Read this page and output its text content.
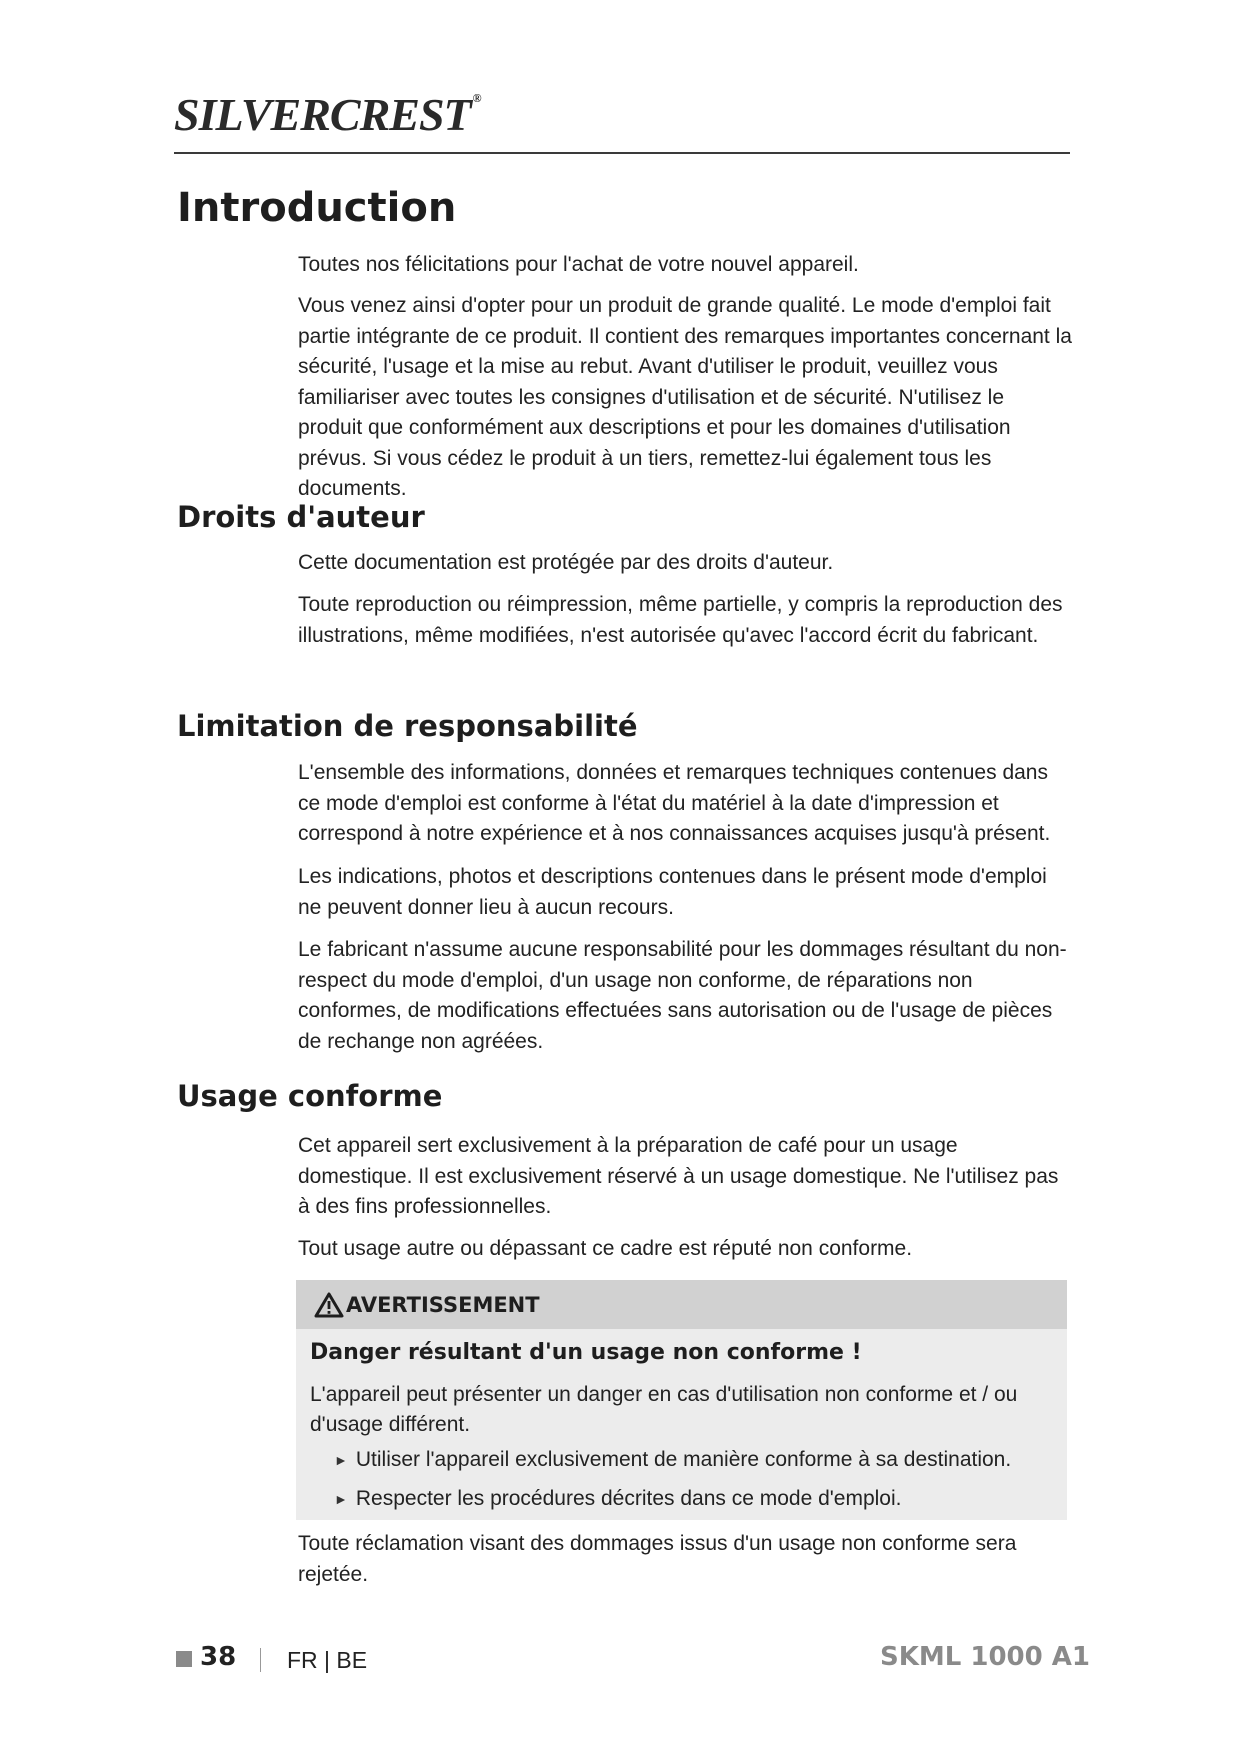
SILVERCREST ®
Introduction

Toutes nos félicitations pour l'achat de votre nouvel appareil.

Vous venez ainsi d'opter pour un produit de grande qualité. Le mode d'emploi fait partie intégrante de ce produit. Il contient des remarques importantes concernant la sécurité, l'usage et la mise au rebut. Avant d'utiliser le produit, veuillez vous familiariser avec toutes les consignes d'utilisation et de sécurité. N'utilisez le produit que conformément aux descriptions et pour les domaines d'utilisation prévus. Si vous cédez le produit à un tiers, remettez-lui également tous les documents.

Droits d'auteur

Cette documentation est protégée par des droits d'auteur.

Toute reproduction ou réimpression, même partielle, y compris la reproduction des illustrations, même modifiées, n'est autorisée qu'avec l'accord écrit du fabricant.

Limitation de responsabilité

L'ensemble des informations, données et remarques techniques contenues dans ce mode d'emploi est conforme à l'état du matériel à la date d'impression et correspond à notre expérience et à nos connaissances acquises jusqu'à présent.

Les indications, photos et descriptions contenues dans le présent mode d'emploi ne peuvent donner lieu à aucun recours.

Le fabricant n'assume aucune responsabilité pour les dommages résultant du non-respect du mode d'emploi, d'un usage non conforme, de réparations non conformes, de modifications effectuées sans autorisation ou de l'usage de pièces de rechange non agréées.

Usage conforme

Cet appareil sert exclusivement à la préparation de café pour un usage domestique. Il est exclusivement réservé à un usage domestique. Ne l'utilisez pas à des fins professionnelles.

Tout usage autre ou dépassant ce cadre est réputé non conforme.

AVERTISSEMENT

Danger résultant d'un usage non conforme !

L'appareil peut présenter un danger en cas d'utilisation non conforme et / ou d'usage différent.

► Utiliser l'appareil exclusivement de manière conforme à sa destination.

► Respecter les procédures décrites dans ce mode d'emploi.

Toute réclamation visant des dommages issus d'un usage non conforme sera rejetée.

38 FR | BE	SKML 1000 A1
